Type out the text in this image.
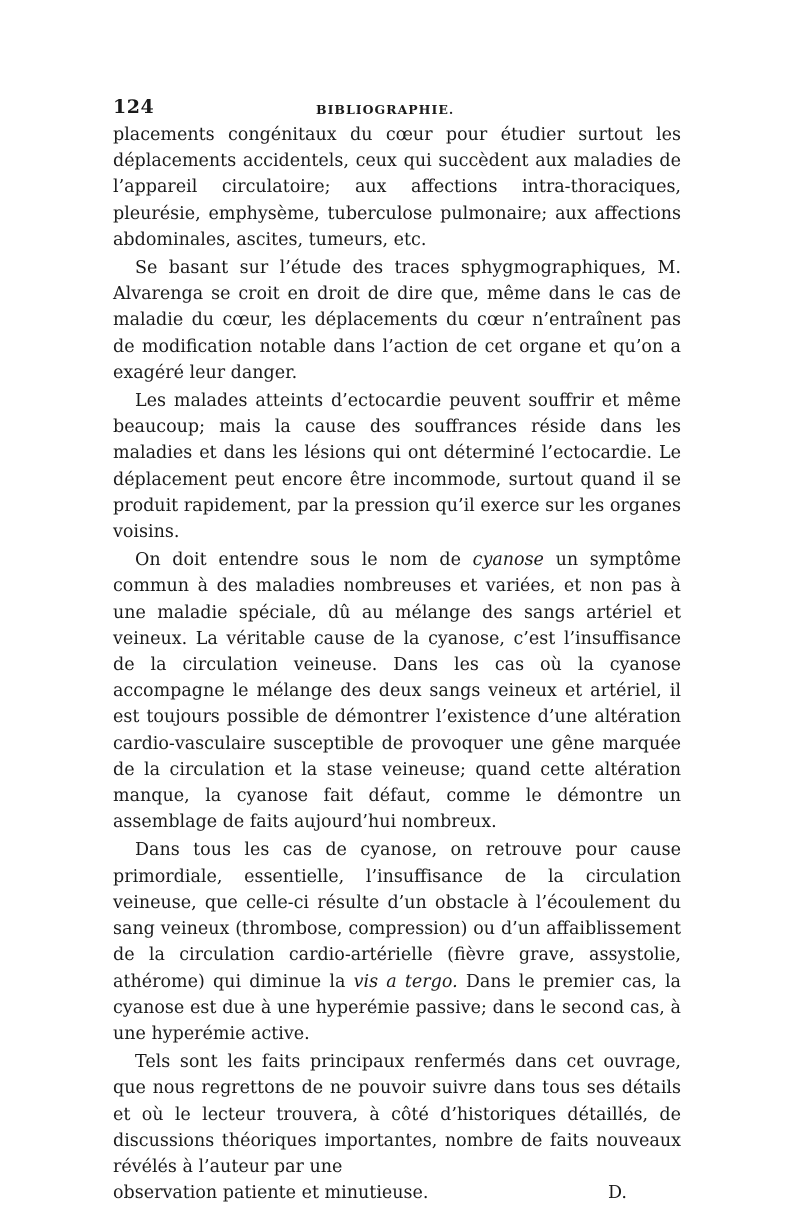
124	BIBLIOGRAPHIE.

placements congénitaux du cœur pour étudier surtout les déplacements accidentels, ceux qui succèdent aux maladies de l’appareil circulatoire; aux affections intra-thoraciques, pleurésie, emphysème, tuberculose pulmonaire; aux affections abdominales, ascites, tumeurs, etc.

Se basant sur l’étude des traces sphygmographiques, M. Alvarenga se croit en droit de dire que, même dans le cas de maladie du cœur, les déplacements du cœur n’entraînent pas de modification notable dans l’action de cet organe et qu’on a exagéré leur danger.

Les malades atteints d’ectocardie peuvent souffrir et même beaucoup; mais la cause des souffrances réside dans les maladies et dans les lésions qui ont déterminé l’ectocardie. Le déplacement peut encore être incommode, surtout quand il se produit rapidement, par la pression qu’il exerce sur les organes voisins.

On doit entendre sous le nom de cyanose un symptôme commun à des maladies nombreuses et variées, et non pas à une maladie spéciale, dû au mélange des sangs artériel et veineux. La véritable cause de la cyanose, c’est l’insuffisance de la circulation veineuse. Dans les cas où la cyanose accompagne le mélange des deux sangs veineux et artériel, il est toujours possible de démontrer l’existence d’une altération cardio-vasculaire susceptible de provoquer une gêne marquée de la circulation et la stase veineuse; quand cette altération manque, la cyanose fait défaut, comme le démontre un assemblage de faits aujourd’hui nombreux.

Dans tous les cas de cyanose, on retrouve pour cause primordiale, essentielle, l’insuffisance de la circulation veineuse, que celle-ci résulte d’un obstacle à l’écoulement du sang veineux (thrombose, compression) ou d’un affaiblissement de la circulation cardio-artérielle (fièvre grave, assystolie, athérome) qui diminue la vis a tergo. Dans le premier cas, la cyanose est due à une hyperémie passive; dans le second cas, à une hyperémie active.

Tels sont les faits principaux renfermés dans cet ouvrage, que nous regrettons de ne pouvoir suivre dans tous ses détails et où le lecteur trouvera, à côté d’historiques détaillés, de discussions théoriques importantes, nombre de faits nouveaux révélés à l’auteur par une

observation patiente et minutieuse.	D.
